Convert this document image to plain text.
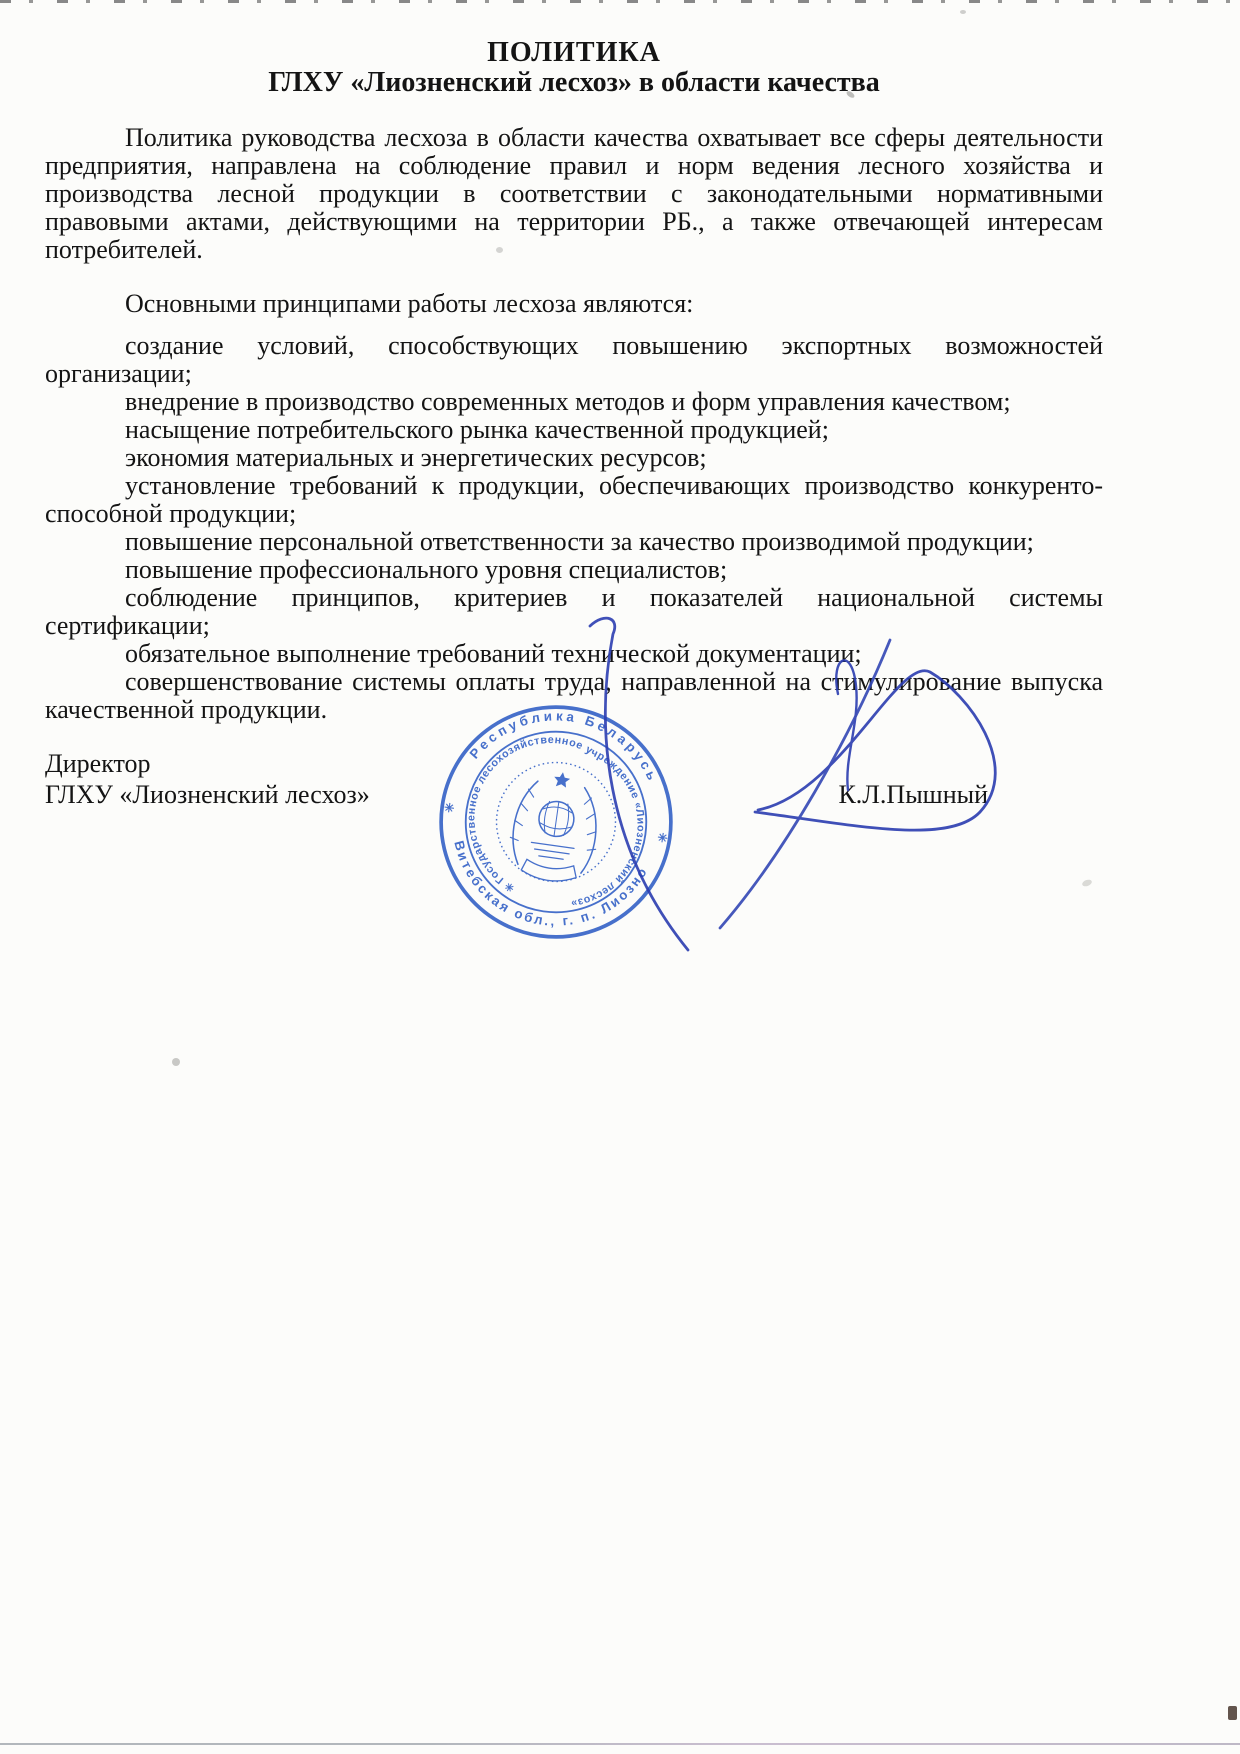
ПОЛИТИКА
ГЛХУ «Лиозненский лесхоз» в области качества

Политика руководства лесхоза в области качества охватывает все сферы деятельности предприятия, направлена на соблюдение правил и норм ведения лесного хозяйства и производства лесной продукции в соответствии с законодательными нормативными правовыми актами, действующими на территории РБ., а также отвечающей интересам потребителей.

Основными принципами работы лесхоза являются:

создание условий, способствующих повышению экспортных возможностей организации;

внедрение в производство современных методов и форм управления качеством;

насыщение потребительского рынка качественной продукцией;

экономия материальных и энергетических ресурсов;

установление требований к продукции, обеспечивающих производство конкуренто-способной продукции;

повышение персональной ответственности за качество производимой продукции;

повышение профессионального уровня специалистов;

соблюдение принципов, критериев и показателей национальной системы сертификации;

обязательное выполнение требований технической документации;

совершенствование системы оплаты труда, направленной на стимулирование выпуска качественной продукции.

Директор
ГЛХУ «Лиозненский лесхоз»	К.Л.Пышный
Республика Беларусь
Витебская обл., г. п. Лиозно
✳ Государственное лесохозяйственное учреждение «Лиозненский лесхоз»
✳
✳
